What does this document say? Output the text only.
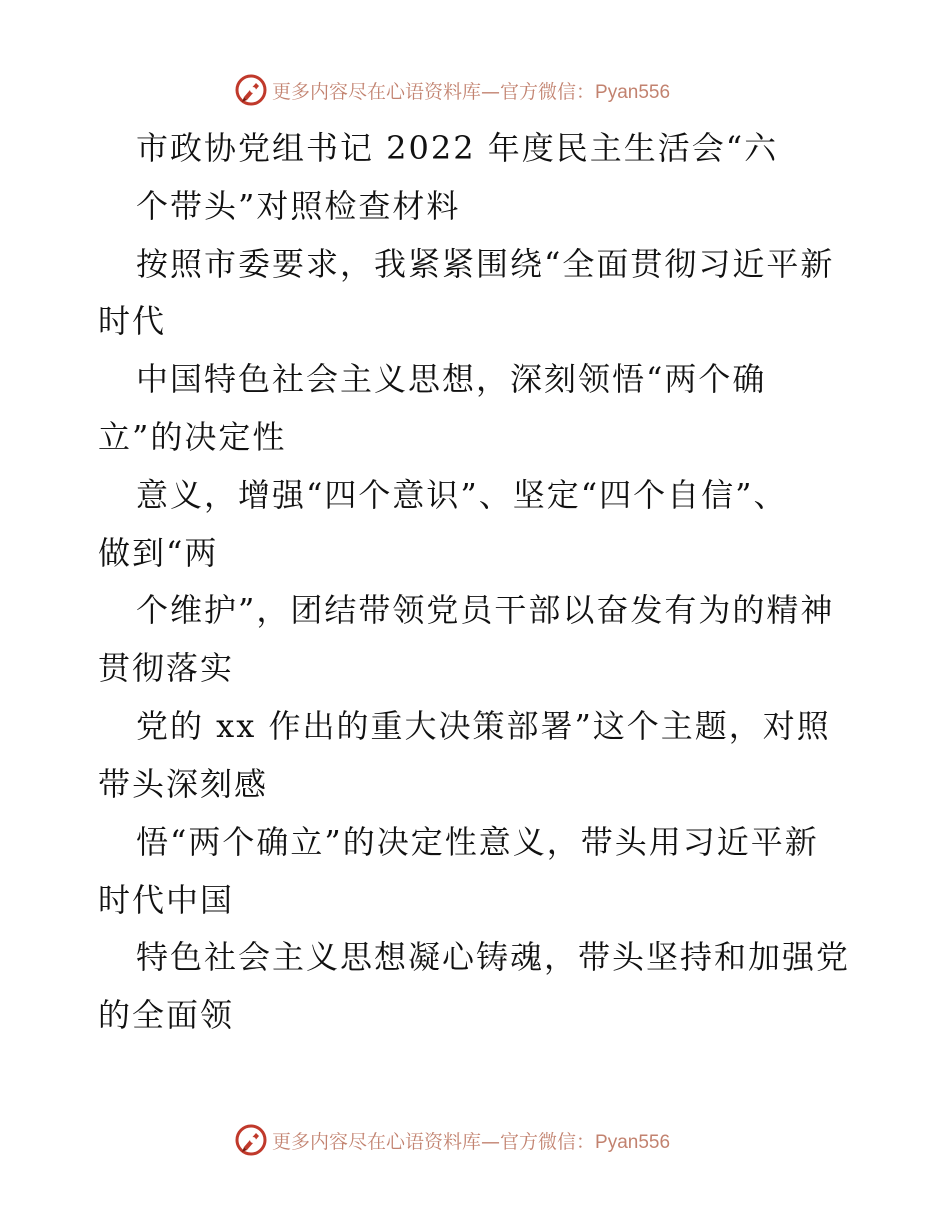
更多内容尽在心语资料库—官方微信：Pyan556
市政协党组书记 2022 年度民主生活会“六
个带头”对照检查材料
按照市委要求，我紧紧围绕“全面贯彻习近平新
时代
中国特色社会主义思想，深刻领悟“两个确
立”的决定性
意义，增强“四个意识”、坚定“四个自信”、
做到“两
个维护”，团结带领党员干部以奋发有为的精神
贯彻落实
党的 xx 作出的重大决策部署”这个主题，对照
带头深刻感
悟“两个确立”的决定性意义，带头用习近平新
时代中国
特色社会主义思想凝心铸魂，带头坚持和加强党
的全面领
更多内容尽在心语资料库—官方微信：Pyan556
